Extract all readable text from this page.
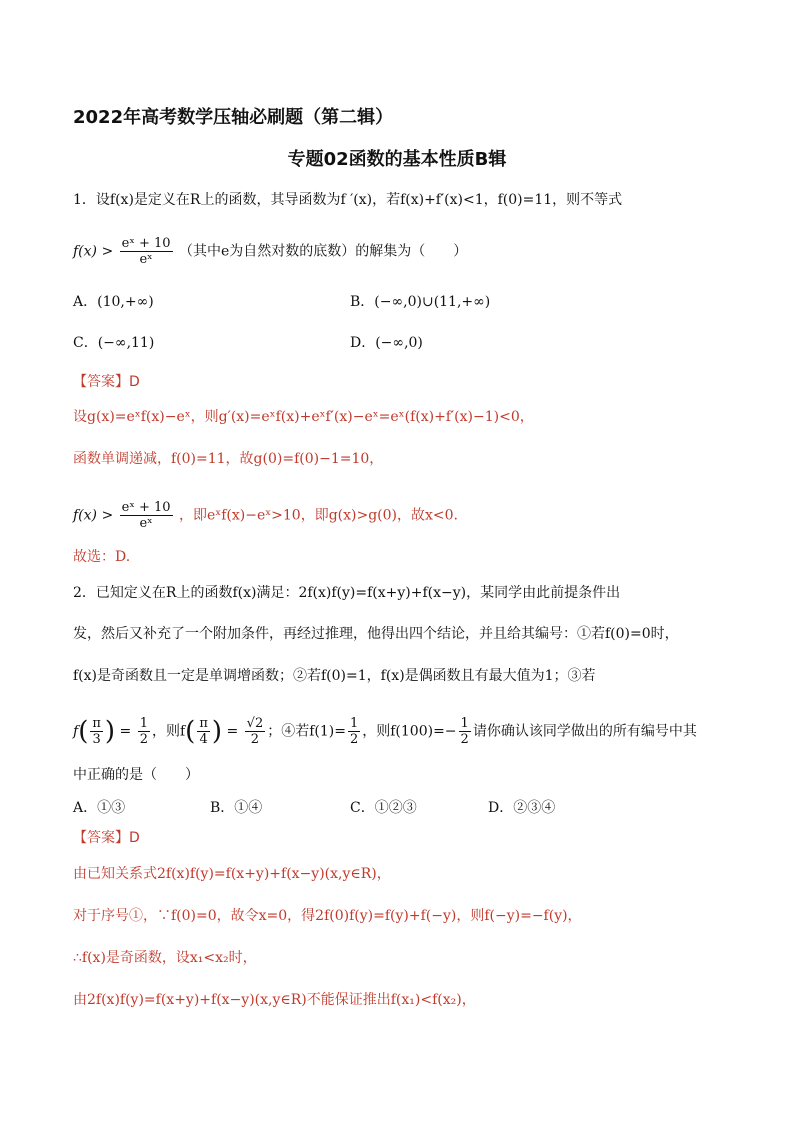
2022年高考数学压轴必刷题（第二辑）
专题02函数的基本性质B辑
1．设f(x)是定义在R上的函数，其导函数为f ′(x)，若f(x)+f′(x)<1，f(0)=11，则不等式
$f(x) > \frac{\text{eˣ + 10}}{\text{eˣ}}$ （其中e为自然对数的底数）的解集为（　　）
A．(10,+∞)	B．(−∞,0)∪(11,+∞)
C．(−∞,11)	D．(−∞,0)
【答案】D
设g(x)=eˣf(x)−eˣ，则g′(x)=eˣf(x)+eˣf′(x)−eˣ=eˣ(f(x)+f′(x)−1)<0，
函数单调递减，f(0)=11，故g(0)=f(0)−1=10，
$f(x) > \frac{\text{eˣ + 10}}{\text{eˣ}}$ ，即eˣf(x)−eˣ>10，即g(x)>g(0)，故x<0.
故选：D.
2．已知定义在R上的函数f(x)满足：2f(x)f(y)=f(x+y)+f(x−y)，某同学由此前提条件出
发，然后又补充了一个附加条件，再经过推理，他得出四个结论，并且给其编号：①若f(0)=0时，
f(x)是奇函数且一定是单调增函数；②若f(0)=1，f(x)是偶函数且有最大值为1；③若
$f( \frac{\pi}{3}$ ) = $\frac{1}{2}$ ，则$f( \frac{\pi}{4}$ ) = $\frac{√2}{2}$ ；④若$f(1)= \frac{1}{2}$ ，则$f(100)=- \frac{1}{2}$ 请你确认该同学做出的所有编号中其
中正确的是（　　）
A．①③	B．①④	C．①②③	D．②③④
【答案】D
由已知关系式2f(x)f(y)=f(x+y)+f(x−y)(x,y∈R)，
对于序号①，∵f(0)=0，故令x=0，得2f(0)f(y)=f(y)+f(−y)，则f(−y)=−f(y)，
∴f(x)是奇函数，设x₁<x₂时，
由2f(x)f(y)=f(x+y)+f(x−y)(x,y∈R)不能保证推出f(x₁)<f(x₂)，
